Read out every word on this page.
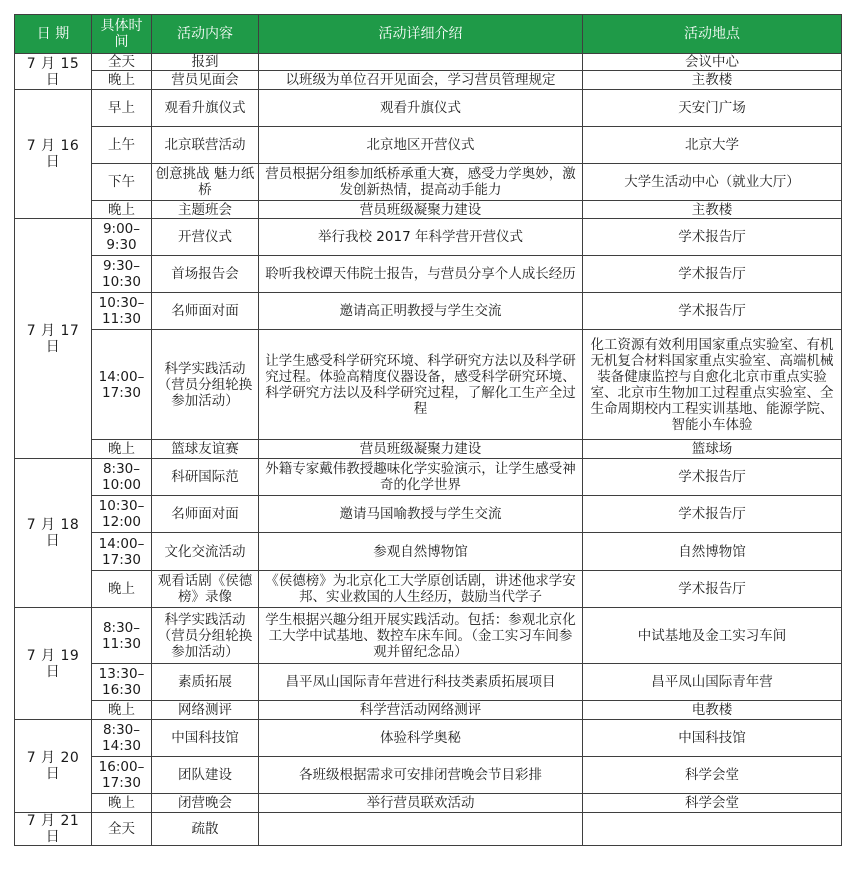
日 期	具体时间	活动内容	活动详细介绍	活动地点
7 月 15 日	全天	报到		会议中心
	晚上	营员见面会	以班级为单位召开见面会，学习营员管理规定	主教楼
7 月 16 日	早上	观看升旗仪式	观看升旗仪式	天安门广场
	上午	北京联营活动	北京地区开营仪式	北京大学
	下午	创意挑战 魅力纸桥	营员根据分组参加纸桥承重大赛，感受力学奥妙，激发创新热情，提高动手能力	大学生活动中心（就业大厅）
	晚上	主题班会	营员班级凝聚力建设	主教楼
7 月 17 日	9:00–9:30	开营仪式	举行我校 2017 年科学营开营仪式	学术报告厅
	9:30–10:30	首场报告会	聆听我校谭天伟院士报告，与营员分享个人成长经历	学术报告厅
	10:30–11:30	名师面对面	邀请高正明教授与学生交流	学术报告厅
	14:00–17:30	科学实践活动（营员分组轮换参加活动）	让学生感受科学研究环境、科学研究方法以及科学研究过程。体验高精度仪器设备，感受科学研究环境、科学研究方法以及科学研究过程，了解化工生产全过程	化工资源有效利用国家重点实验室、有机无机复合材料国家重点实验室、高端机械装备健康监控与自愈化北京市重点实验室、北京市生物加工过程重点实验室、全生命周期校内工程实训基地、能源学院、智能小车体验
	晚上	篮球友谊赛	营员班级凝聚力建设	篮球场
7 月 18 日	8:30–10:00	科研国际范	外籍专家戴伟教授趣味化学实验演示，让学生感受神奇的化学世界	学术报告厅
	10:30–12:00	名师面对面	邀请马国喻教授与学生交流	学术报告厅
	14:00–17:30	文化交流活动	参观自然博物馆	自然博物馆
	晚上	观看话剧《侯德榜》录像	《侯德榜》为北京化工大学原创话剧，讲述他求学安邦、实业救国的人生经历，鼓励当代学子	学术报告厅
7 月 19 日	8:30–11:30	科学实践活动（营员分组轮换参加活动）	学生根据兴趣分组开展实践活动。包括：参观北京化工大学中试基地、数控车床车间。（金工实习车间参观并留纪念品）	中试基地及金工实习车间
	13:30–16:30	素质拓展	昌平凤山国际青年营进行科技类素质拓展项目	昌平凤山国际青年营
	晚上	网络测评	科学营活动网络测评	电教楼
7 月 20 日	8:30–14:30	中国科技馆	体验科学奥秘	中国科技馆
	16:00–17:30	团队建设	各班级根据需求可安排闭营晚会节目彩排	科学会堂
	晚上	闭营晚会	举行营员联欢活动	科学会堂
7 月 21 日	全天	疏散		
